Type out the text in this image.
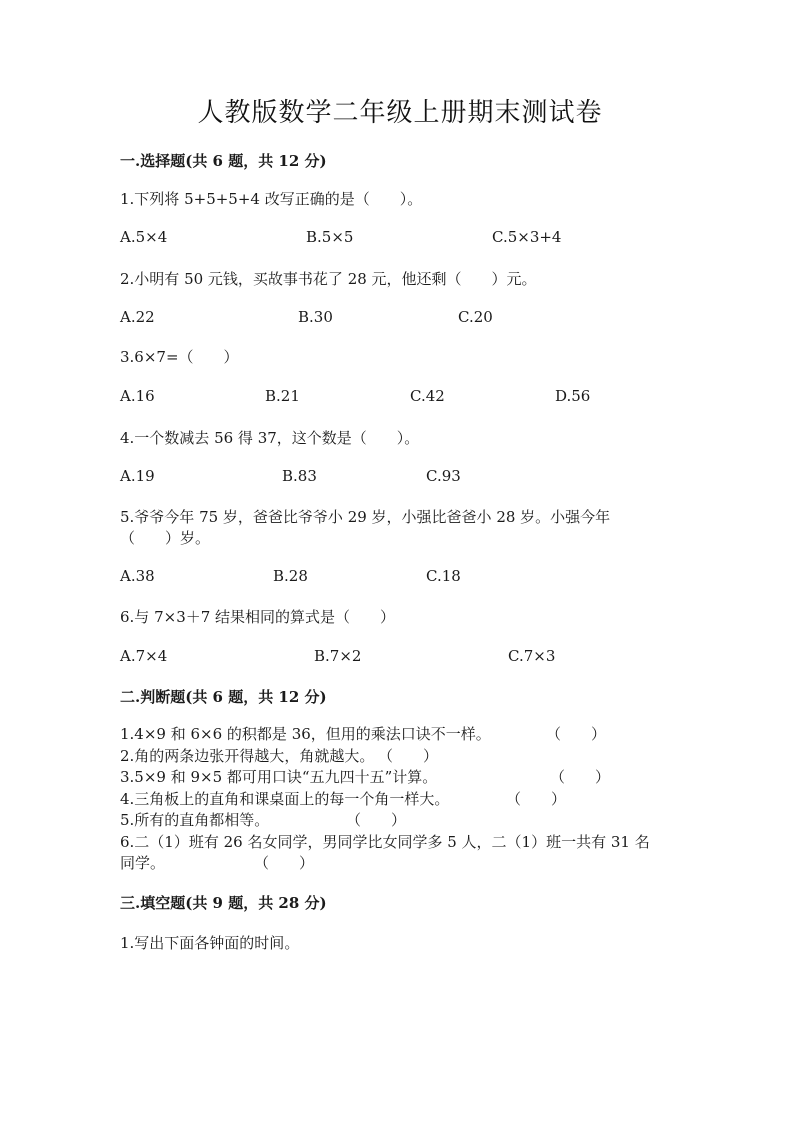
人教版数学二年级上册期末测试卷
一.选择题(共 6 题，共 12 分)
1.下列将 5+5+5+4 改写正确的是（　　）。
A.5×4	B.5×5	C.5×3+4
2.小明有 50 元钱，买故事书花了 28 元，他还剩（　　）元。
A.22	B.30	C.20
3.6×7=（　　）
A.16	B.21	C.42	D.56
4.一个数减去 56 得 37，这个数是（　　）。
A.19	B.83	C.93
5.爷爷今年 75 岁，爸爸比爷爷小 29 岁，小强比爸爸小 28 岁。小强今年
（　　）岁。
A.38	B.28	C.18
6.与 7×3＋7 结果相同的算式是（　　）
A.7×4	B.7×2	C.7×3
二.判断题(共 6 题，共 12 分)
1.4×9 和 6×6 的积都是 36，但用的乘法口诀不一样。	（　　）
2.角的两条边张开得越大，角就越大。 （　　）
3.5×9 和 9×5 都可用口诀“五九四十五”计算。	（　　）
4.三角板上的直角和课桌面上的每一个角一样大。	（　　）
5.所有的直角都相等。	（　　）
6.二（1）班有 26 名女同学，男同学比女同学多 5 人，二（1）班一共有 31 名
同学。	（　　）
三.填空题(共 9 题，共 28 分)
1.写出下面各钟面的时间。
